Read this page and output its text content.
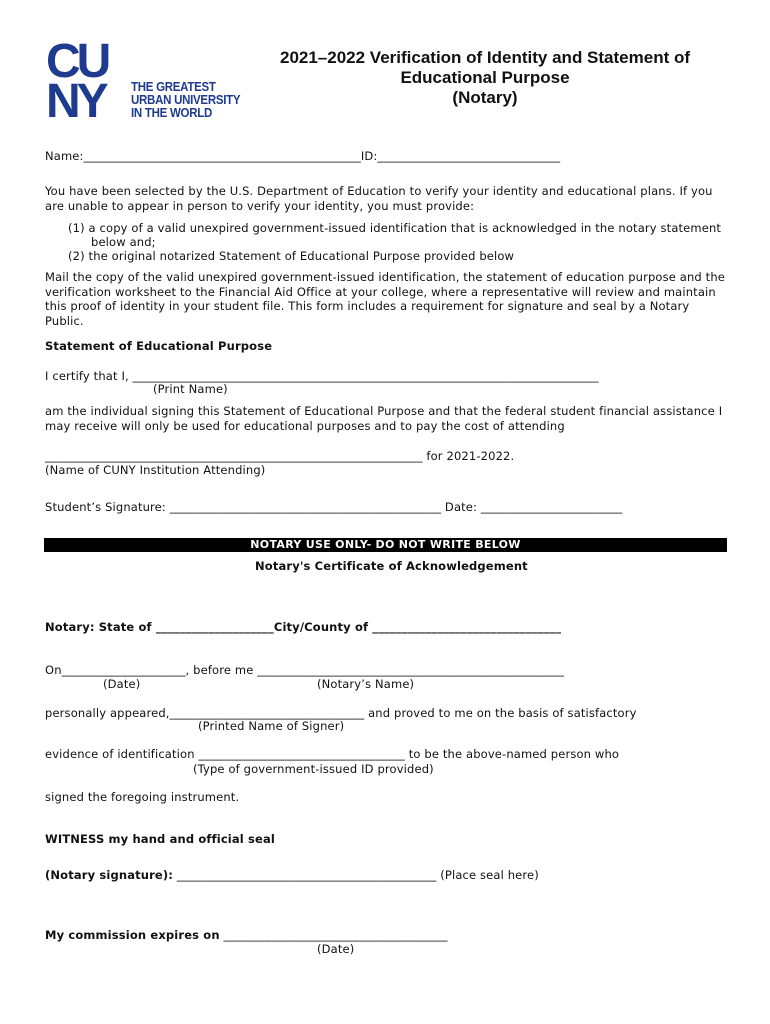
CU
NY THE GREATEST
URBAN UNIVERSITY
IN THE WORLD
2021–2022 Verification of Identity and Statement of
Educational Purpose
(Notary)
Name:_______________________________________________ID:_______________________________
You have been selected by the U.S. Department of Education to verify your identity and educational plans. If you are unable to appear in person to verify your identity, you must provide:
(1) a copy of a valid unexpired government-issued identification that is acknowledged in the notary statement
below and;
(2) the original notarized Statement of Educational Purpose provided below
Mail the copy of the valid unexpired government-issued identification, the statement of education purpose and the verification worksheet to the Financial Aid Office at your college, where a representative will review and maintain this proof of identity in your student file. This form includes a requirement for signature and seal by a Notary Public.
Statement of Educational Purpose
I certify that I, _______________________________________________________________________________
(Print Name)
am the individual signing this Statement of Educational Purpose and that the federal student financial assistance I may receive will only be used for educational purposes and to pay the cost of attending
________________________________________________________________ for 2021-2022.
(Name of CUNY Institution Attending)
Student’s Signature: ______________________________________________ Date: ________________________
NOTARY USE ONLY- DO NOT WRITE BELOW
Notary's Certificate of Acknowledgement
Notary: State of ____________________City/County of ________________________________
On_____________________, before me ____________________________________________________
(Date)	(Notary’s Name)
personally appeared,_________________________________ and proved to me on the basis of satisfactory
(Printed Name of Signer)
evidence of identification ___________________________________ to be the above-named person who
(Type of government-issued ID provided)
signed the foregoing instrument.
WITNESS my hand and official seal
(Notary signature): ____________________________________________ (Place seal here)
My commission expires on ______________________________________
(Date)
